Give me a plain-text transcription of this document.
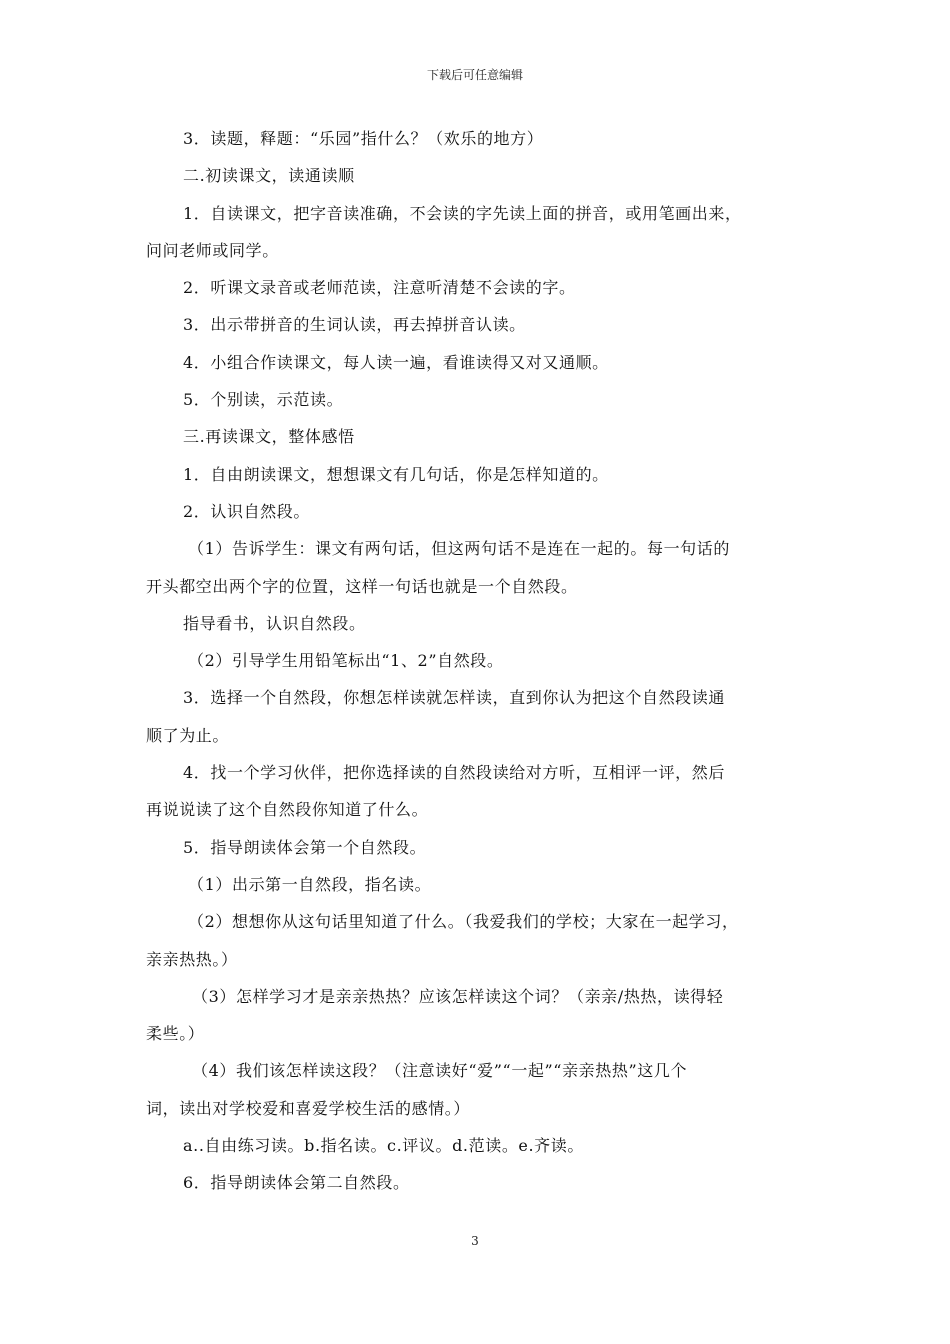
下载后可任意编辑
3．读题，释题：“乐园”指什么？（欢乐的地方）
二.初读课文，读通读顺
1．自读课文，把字音读准确，不会读的字先读上面的拼音，或用笔画出来，
问问老师或同学。
2．听课文录音或老师范读，注意听清楚不会读的字。
3．出示带拼音的生词认读，再去掉拼音认读。
4．小组合作读课文，每人读一遍，看谁读得又对又通顺。
5．个别读，示范读。
三.再读课文，整体感悟
1．自由朗读课文，想想课文有几句话，你是怎样知道的。
2．认识自然段。
（1）告诉学生：课文有两句话，但这两句话不是连在一起的。每一句话的
开头都空出两个字的位置，这样一句话也就是一个自然段。
指导看书，认识自然段。
（2）引导学生用铅笔标出“1、2”自然段。
3．选择一个自然段，你想怎样读就怎样读，直到你认为把这个自然段读通
顺了为止。
4．找一个学习伙伴，把你选择读的自然段读给对方听，互相评一评，然后
再说说读了这个自然段你知道了什么。
5．指导朗读体会第一个自然段。
（1）出示第一自然段，指名读。
（2）想想你从这句话里知道了什么。（我爱我们的学校；大家在一起学习，
亲亲热热。）
（3）怎样学习才是亲亲热热？应该怎样读这个词？（亲亲/热热，读得轻
柔些。）
（4）我们该怎样读这段？（注意读好“爱”“一起”“亲亲热热”这几个
词，读出对学校爱和喜爱学校生活的感情。）
a..自由练习读。b.指名读。c.评议。d.范读。e.齐读。
6．指导朗读体会第二自然段。
3
